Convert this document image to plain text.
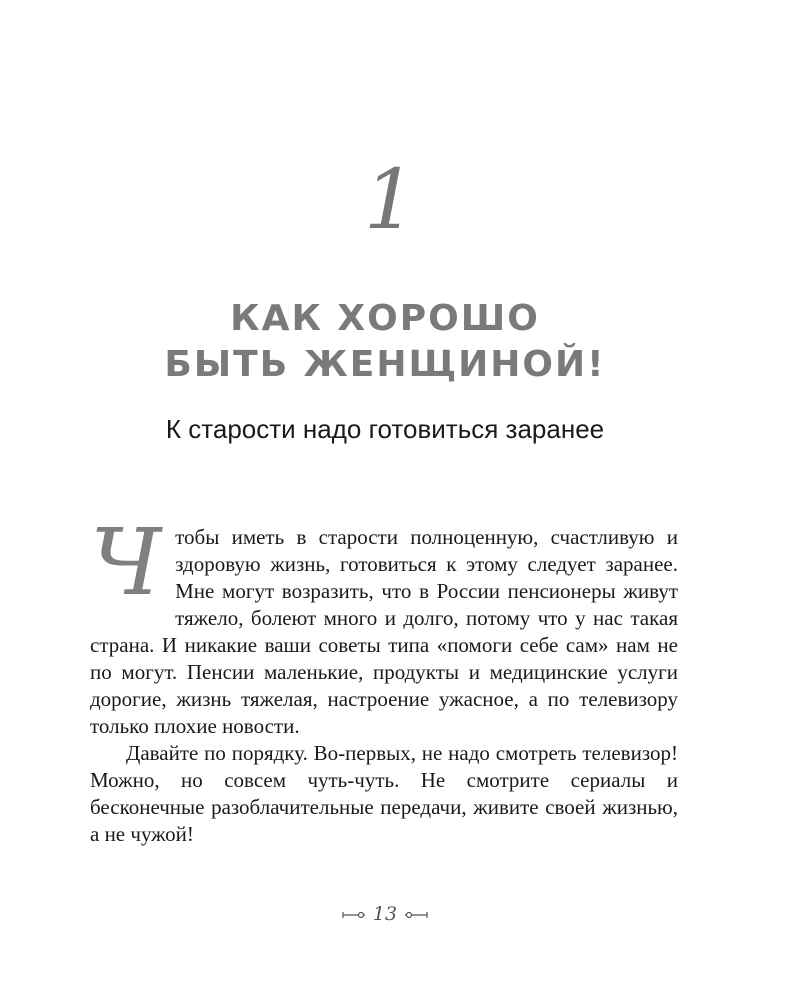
1
КАК ХОРОШО
БЫТЬ ЖЕНЩИНОЙ!
К старости надо готовиться заранее

Чтобы иметь в старости полноценную, счастливую и здоровую жизнь, готовиться к этому следует заранее. Мне могут возразить, что в России пенсионеры живут тяжело, болеют много и долго, потому что у нас такая страна. И никакие ваши советы типа «помоги себе сам» нам не по могут. Пенсии маленькие, продукты и медицинские услуги дорогие, жизнь тяжелая, настроение ужасное, а по телевизору только плохие новости.

Давайте по порядку. Во-первых, не надо смотреть телевизор! Можно, но совсем чуть-чуть. Не смотрите сериалы и бесконечные разоблачительные передачи, живите своей жизнью, а не чужой!

13
